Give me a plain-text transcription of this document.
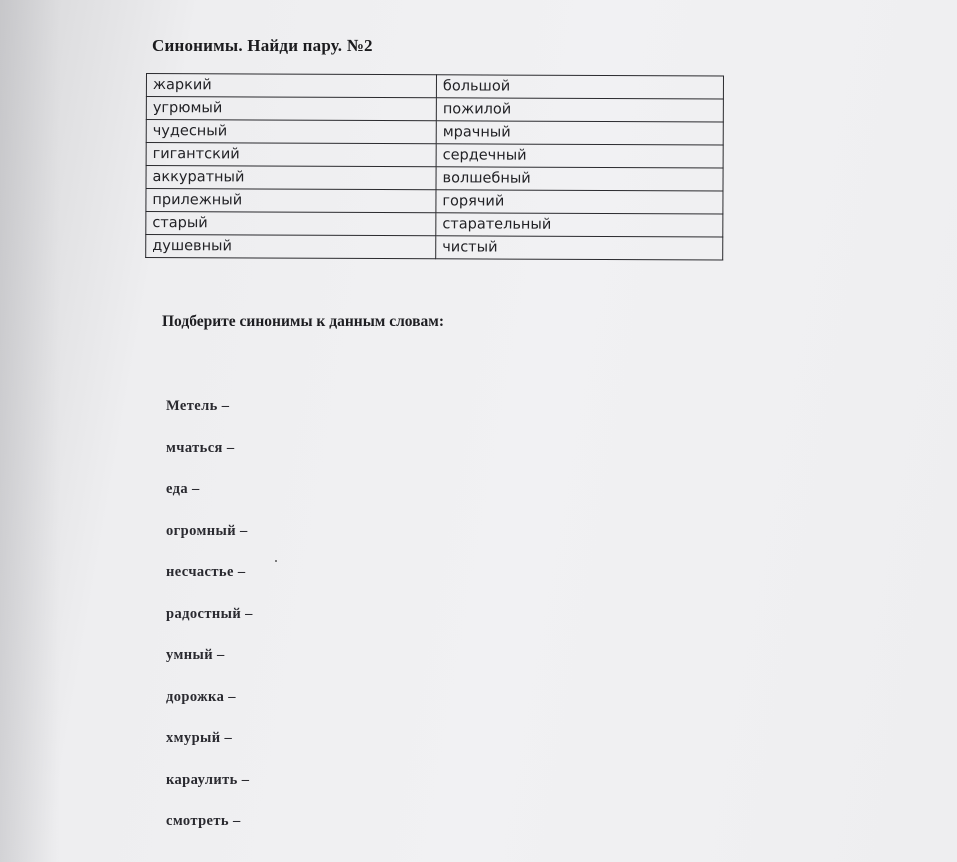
Синонимы. Найди пару. №2
жаркий	большой
угрюмый	пожилой
чудесный	мрачный
гигантский	сердечный
аккуратный	волшебный
прилежный	горячий
старый	старательный
душевный	чистый
Подберите синонимы к данным словам:
Метель –
мчаться –
еда –
огромный –
несчастье –
радостный –
умный –
дорожка –
хмурый –
караулить –
смотреть –
